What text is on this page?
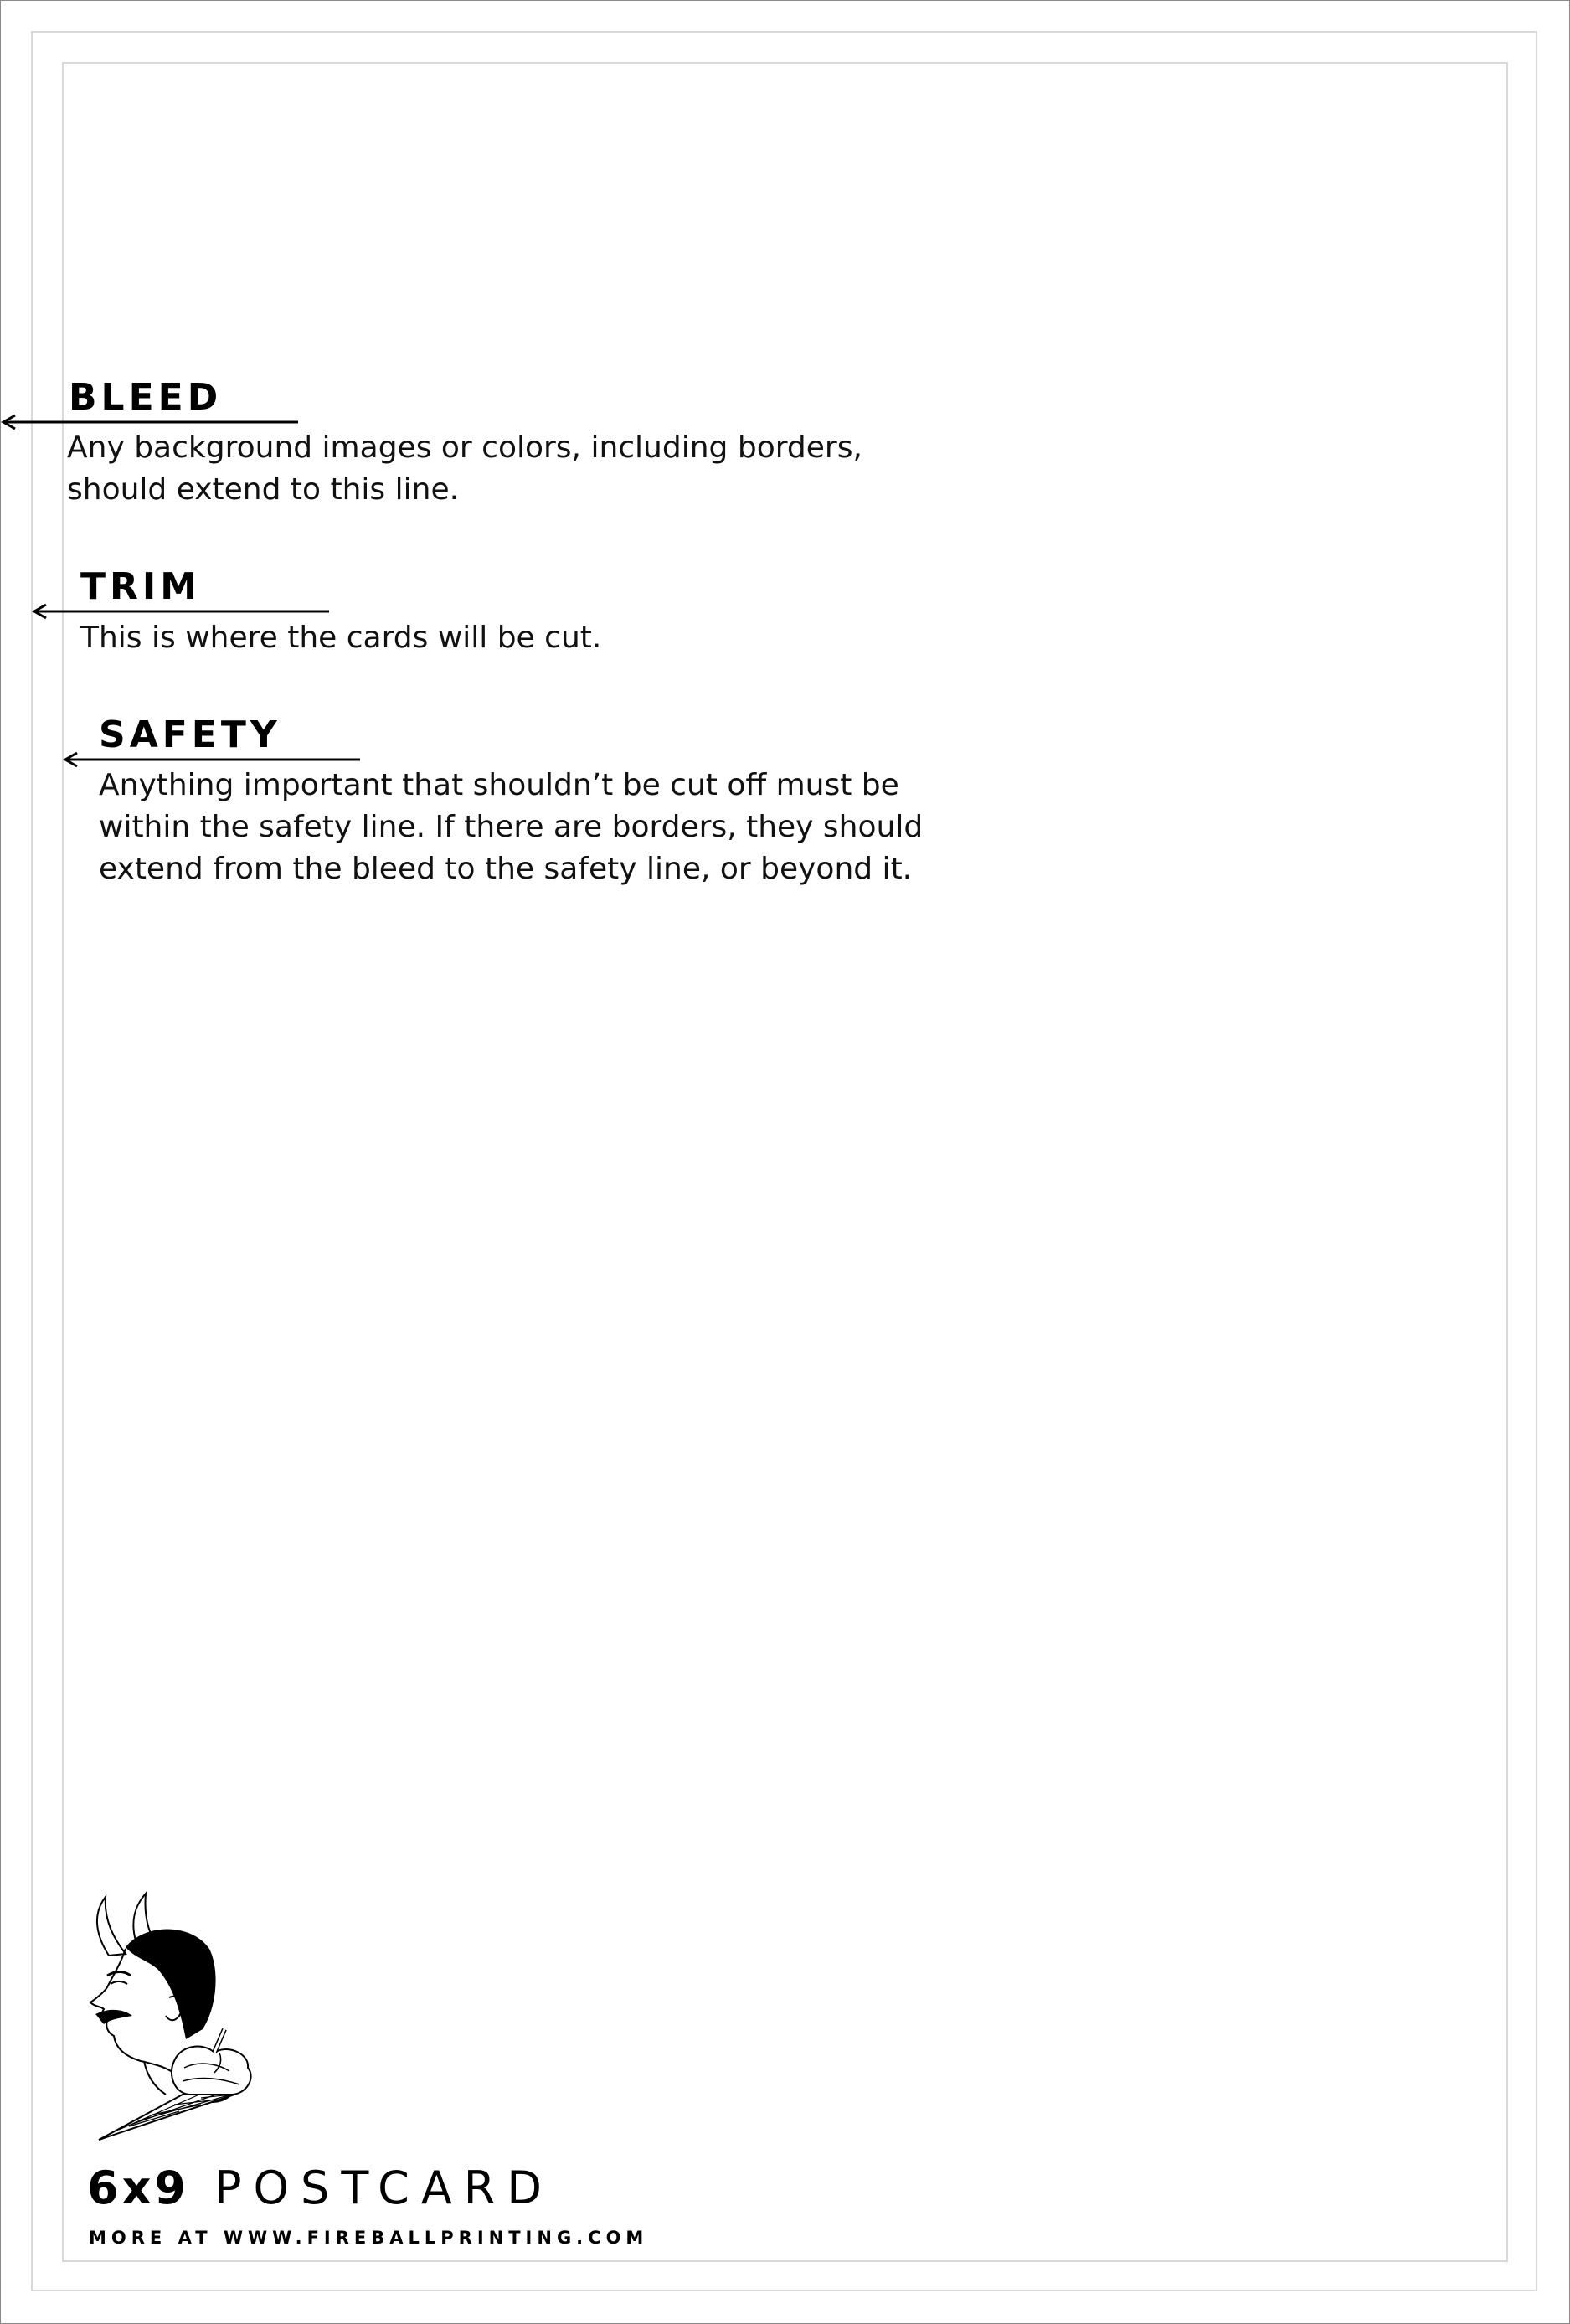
BLEED
Any background images or colors, including borders,
should extend to this line.
TRIM
This is where the cards will be cut.
SAFETY
Anything important that shouldn’t be cut off must be
within the safety line. If there are borders, they should
extend from the bleed to the safety line, or beyond it.
6x9 POSTCARD
MORE AT WWW.FIREBALLPRINTING.COM
